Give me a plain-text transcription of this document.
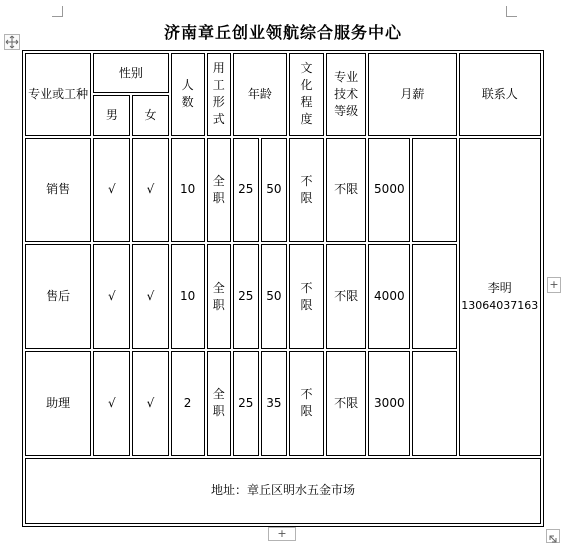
济南章丘创业领航综合服务中心
专业或工种	性别		人数	用工形式	年龄		文化程度	专业技术等级	月薪		联系人
	男	女									
销售	√	√	10	全职	25	50	不限	不限	5000		李明
13064037163

售后	√	√	10	全职	25	50	不限	不限	4000		
助理	√	√	2	全职	25	35	不限	不限	3000		
地址：章丘区明水五金市场											
+
+
